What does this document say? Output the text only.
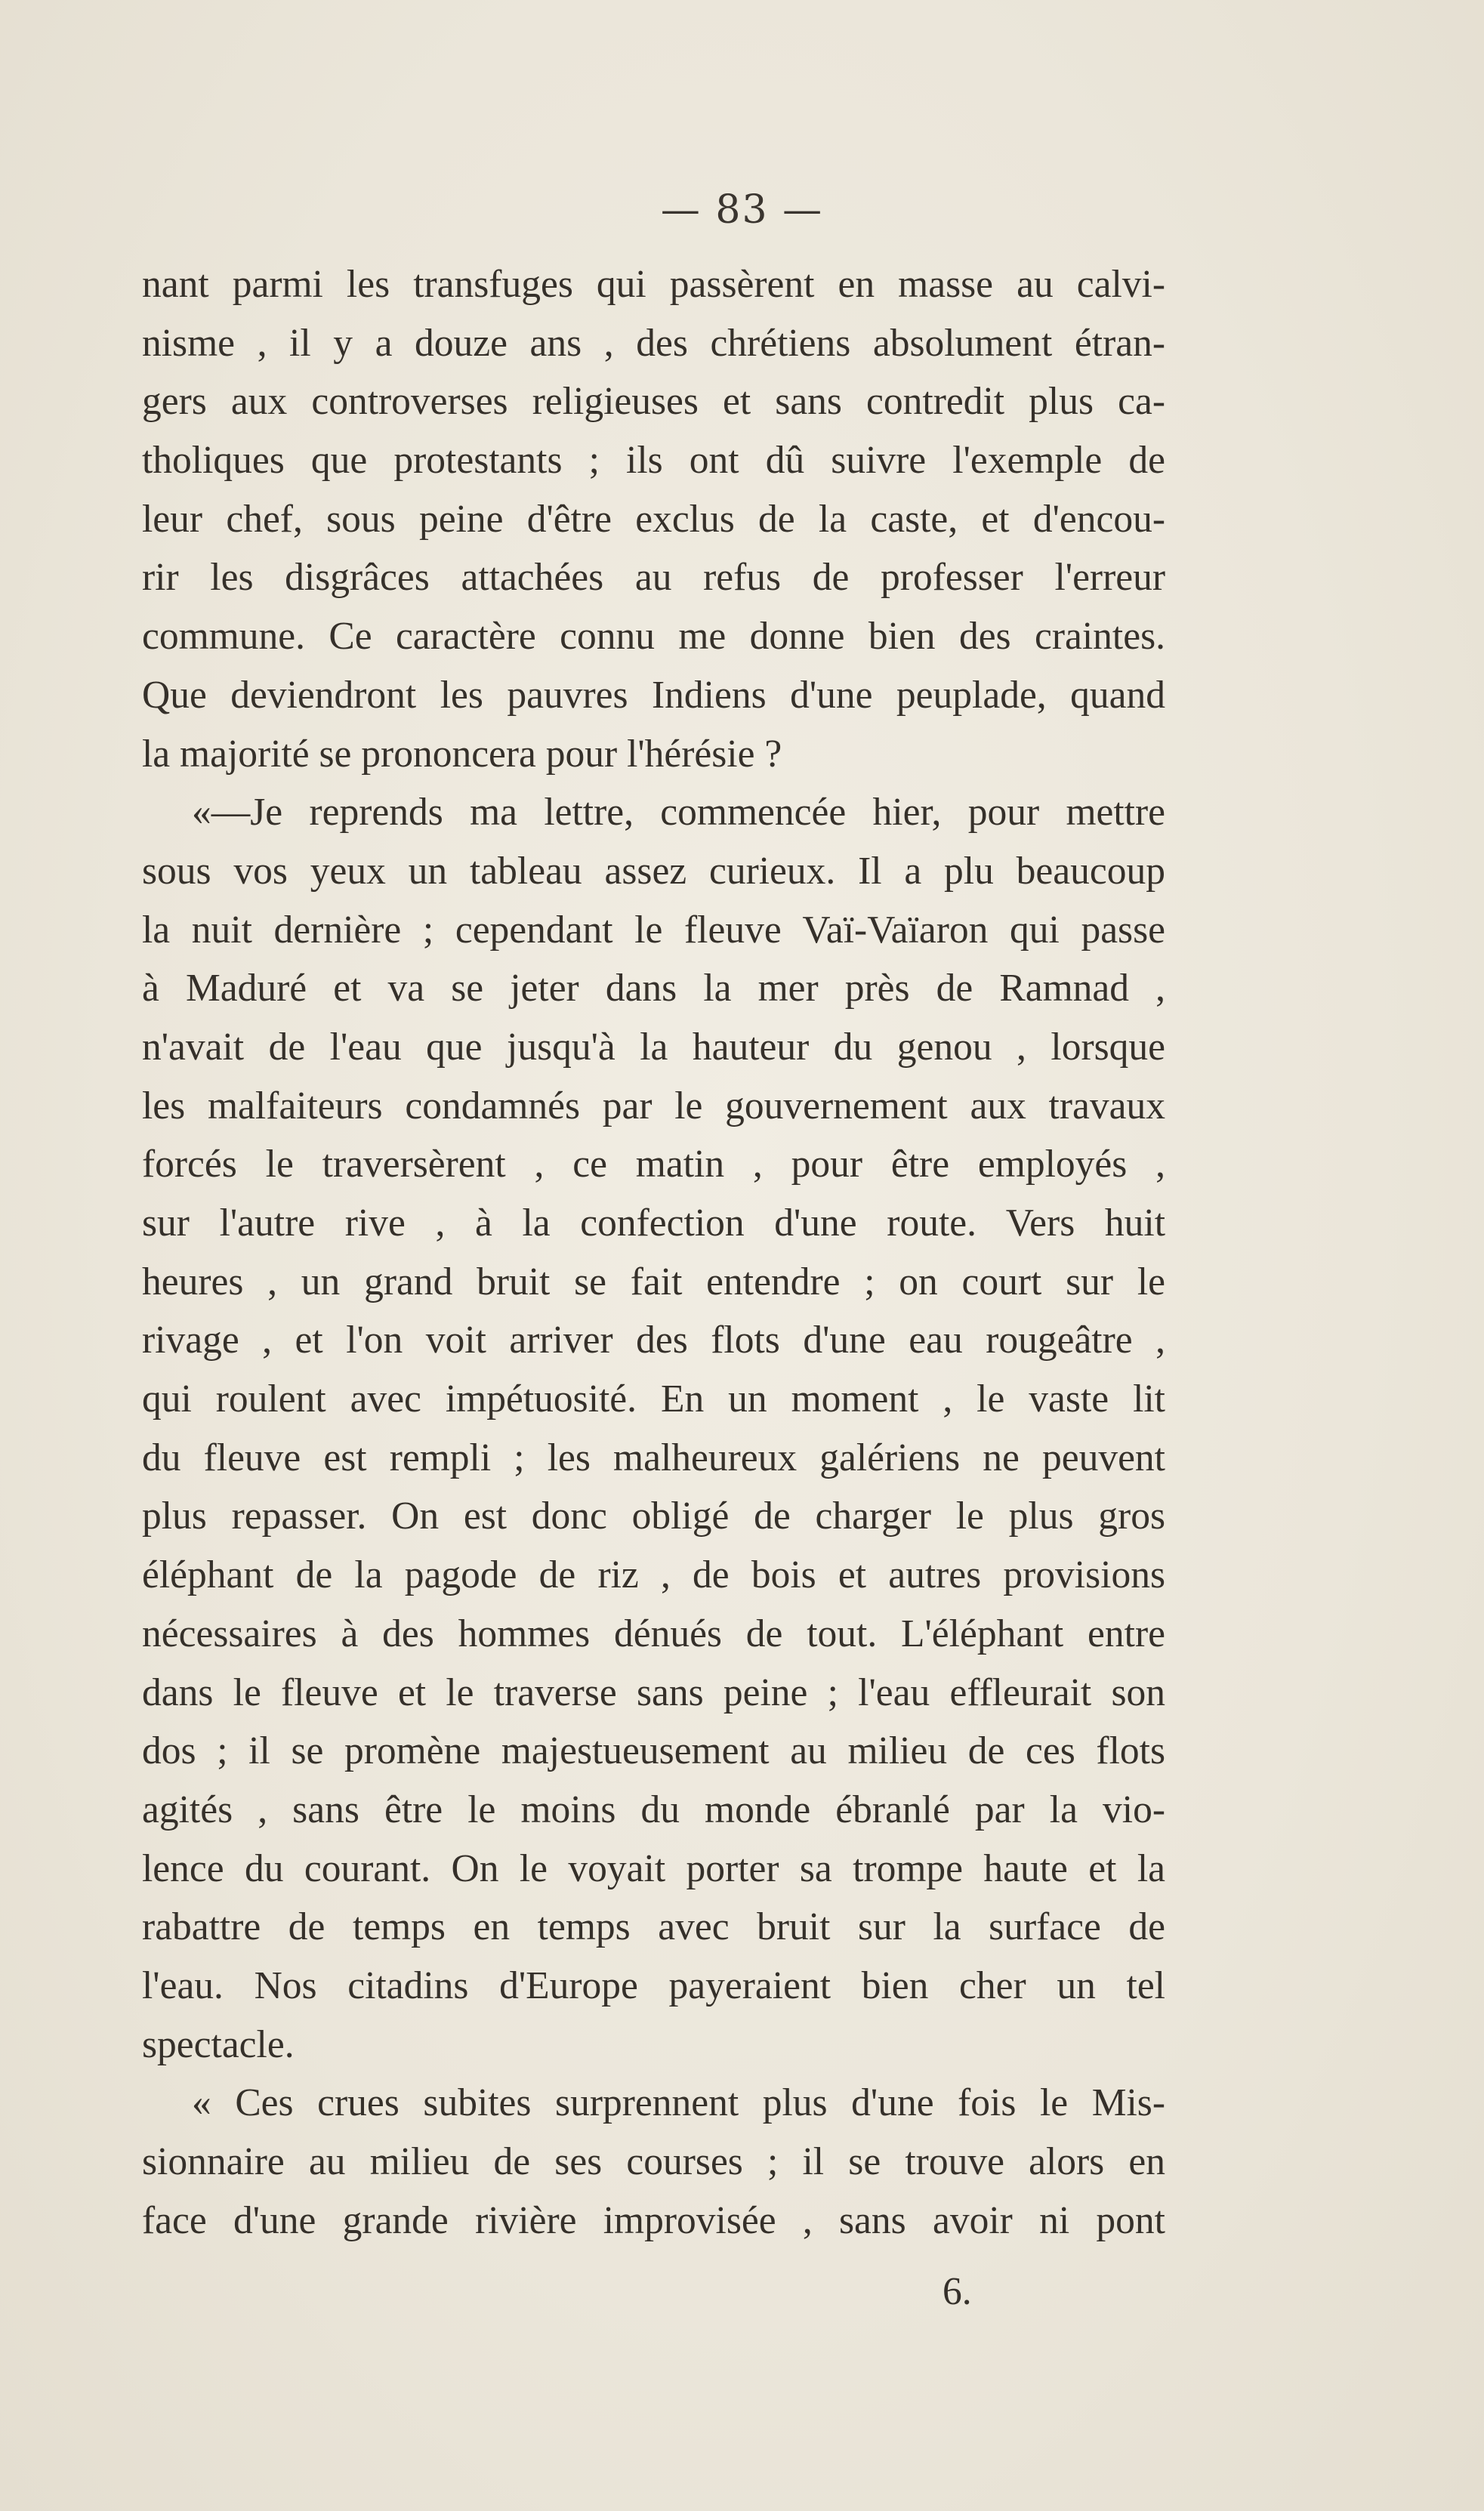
— 83 —
nant parmi les transfuges qui passèrent en masse au calvi-
nisme , il y a douze ans , des chrétiens absolument étran-
gers aux controverses religieuses et sans contredit plus ca-
tholiques que protestants ; ils ont dû suivre l'exemple de
leur chef, sous peine d'être exclus de la caste, et d'encou-
rir les disgrâces attachées au refus de professer l'erreur
commune. Ce caractère connu me donne bien des craintes.
Que deviendront les pauvres Indiens d'une peuplade, quand
la majorité se prononcera pour l'hérésie ?
«—Je reprends ma lettre, commencée hier, pour mettre
sous vos yeux un tableau assez curieux. Il a plu beaucoup
la nuit dernière ; cependant le fleuve Vaï-Vaïaron qui passe
à Maduré et va se jeter dans la mer près de Ramnad ,
n'avait de l'eau que jusqu'à la hauteur du genou , lorsque
les malfaiteurs condamnés par le gouvernement aux travaux
forcés le traversèrent , ce matin , pour être employés ,
sur l'autre rive , à la confection d'une route. Vers huit
heures , un grand bruit se fait entendre ; on court sur le
rivage , et l'on voit arriver des flots d'une eau rougeâtre ,
qui roulent avec impétuosité. En un moment , le vaste lit
du fleuve est rempli ; les malheureux galériens ne peuvent
plus repasser. On est donc obligé de charger le plus gros
éléphant de la pagode de riz , de bois et autres provisions
nécessaires à des hommes dénués de tout. L'éléphant entre
dans le fleuve et le traverse sans peine ; l'eau effleurait son
dos ; il se promène majestueusement au milieu de ces flots
agités , sans être le moins du monde ébranlé par la vio-
lence du courant. On le voyait porter sa trompe haute et la
rabattre de temps en temps avec bruit sur la surface de
l'eau. Nos citadins d'Europe payeraient bien cher un tel
spectacle.
« Ces crues subites surprennent plus d'une fois le Mis-
sionnaire au milieu de ses courses ; il se trouve alors en
face d'une grande rivière improvisée , sans avoir ni pont
6.
